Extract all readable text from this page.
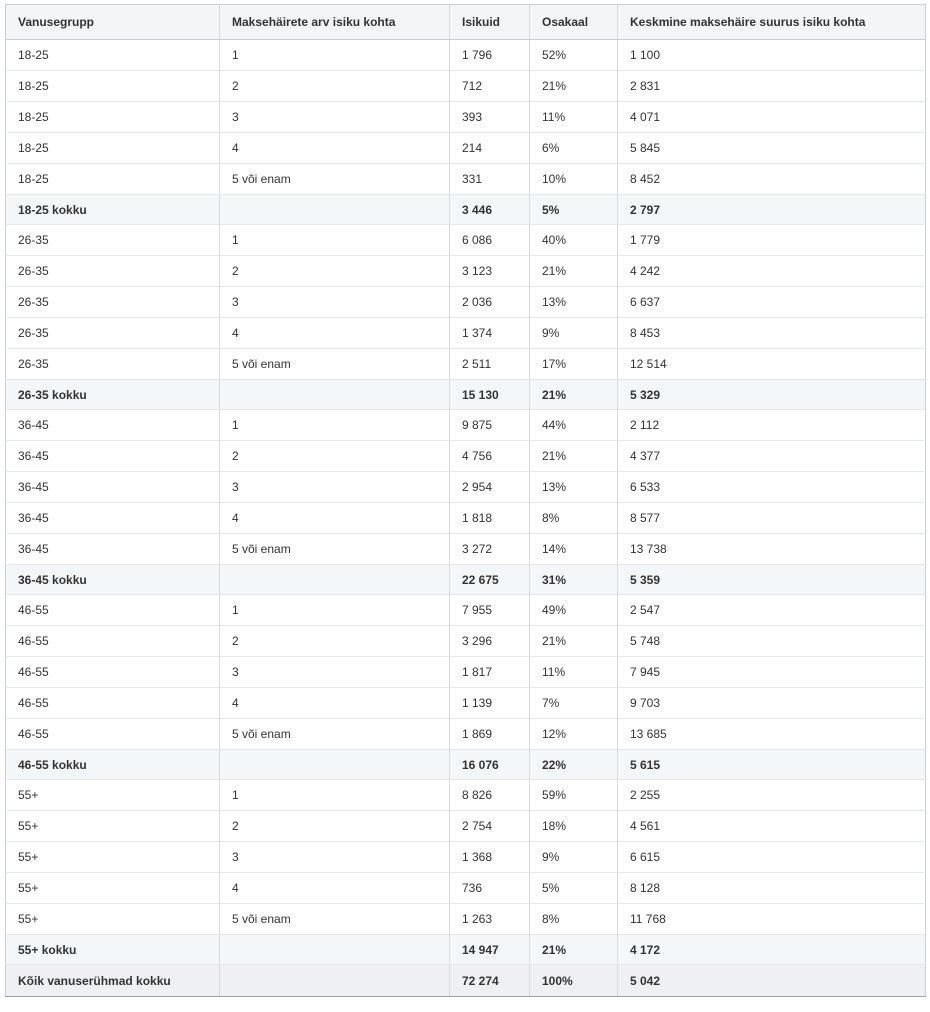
Vanusegrupp	Maksehäirete arv isiku kohta	Isikuid	Osakaal	Keskmine maksehäire suurus isiku kohta
18-25	1	1 796	52%	1 100
18-25	2	712	21%	2 831
18-25	3	393	11%	4 071
18-25	4	214	6%	5 845
18-25	5 või enam	331	10%	8 452
18-25 kokku		3 446	5%	2 797
26-35	1	6 086	40%	1 779
26-35	2	3 123	21%	4 242
26-35	3	2 036	13%	6 637
26-35	4	1 374	9%	8 453
26-35	5 või enam	2 511	17%	12 514
26-35 kokku		15 130	21%	5 329
36-45	1	9 875	44%	2 112
36-45	2	4 756	21%	4 377
36-45	3	2 954	13%	6 533
36-45	4	1 818	8%	8 577
36-45	5 või enam	3 272	14%	13 738
36-45 kokku		22 675	31%	5 359
46-55	1	7 955	49%	2 547
46-55	2	3 296	21%	5 748
46-55	3	1 817	11%	7 945
46-55	4	1 139	7%	9 703
46-55	5 või enam	1 869	12%	13 685
46-55 kokku		16 076	22%	5 615
55+	1	8 826	59%	2 255
55+	2	2 754	18%	4 561
55+	3	1 368	9%	6 615
55+	4	736	5%	8 128
55+	5 või enam	1 263	8%	11 768
55+ kokku		14 947	21%	4 172
Kõik vanuserühmad kokku		72 274	100%	5 042
